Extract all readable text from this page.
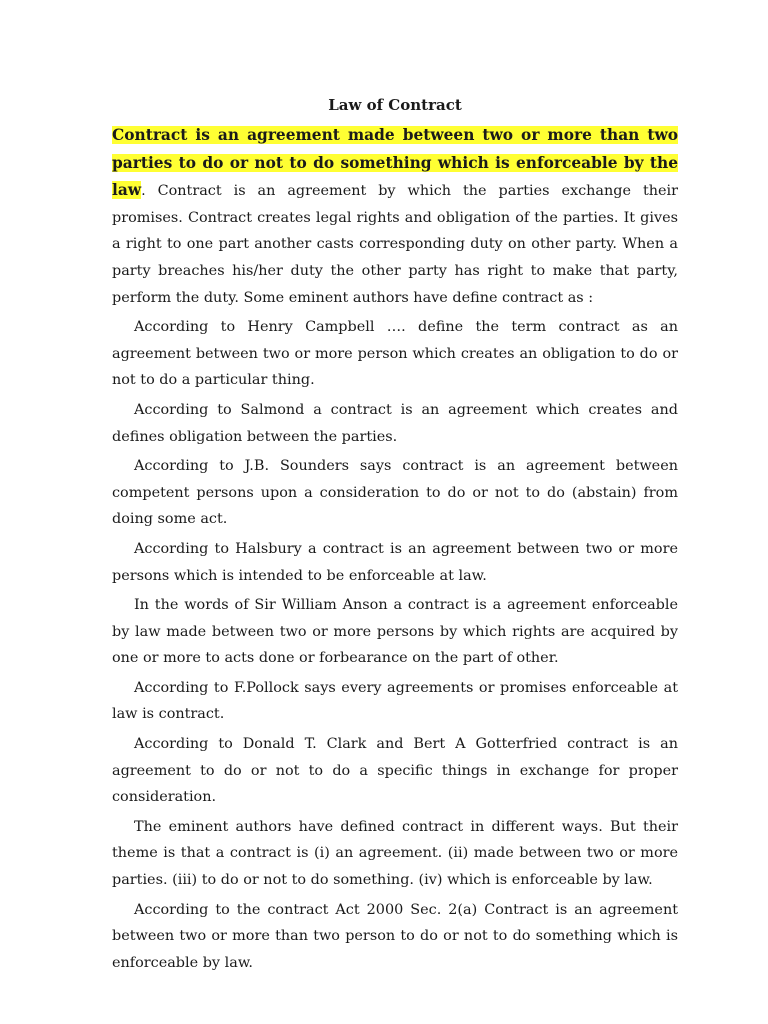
Law of Contract

Contract is an agreement made between two or more than two parties to do or not to do something which is enforceable by the law. Contract is an agreement by which the parties exchange their promises. Contract creates legal rights and obligation of the parties. It gives a right to one part another casts corresponding duty on other party. When a party breaches his/her duty the other party has right to make that party, perform the duty. Some eminent authors have define contract as :

According to Henry Campbell …. define the term contract as an agreement between two or more person which creates an obligation to do or not to do a particular thing.

According to Salmond a contract is an agreement which creates and defines obligation between the parties.

According to J.B. Sounders says contract is an agreement between competent persons upon a consideration to do or not to do (abstain) from doing some act.

According to Halsbury a contract is an agreement between two or more persons which is intended to be enforceable at law.

In the words of Sir William Anson a contract is a agreement enforceable by law made between two or more persons by which rights are acquired by one or more to acts done or forbearance on the part of other.

According to F.Pollock says every agreements or promises enforceable at law is contract.

According to Donald T. Clark and Bert A Gotterfried contract is an agreement to do or not to do a specific things in exchange for proper consideration.

The eminent authors have defined contract in different ways. But their theme is that a contract is (i) an agreement. (ii) made between two or more parties. (iii) to do or not to do something. (iv) which is enforceable by law.

According to the contract Act 2000 Sec. 2(a) Contract is an agreement between two or more than two person to do or not to do something which is enforceable by law.
